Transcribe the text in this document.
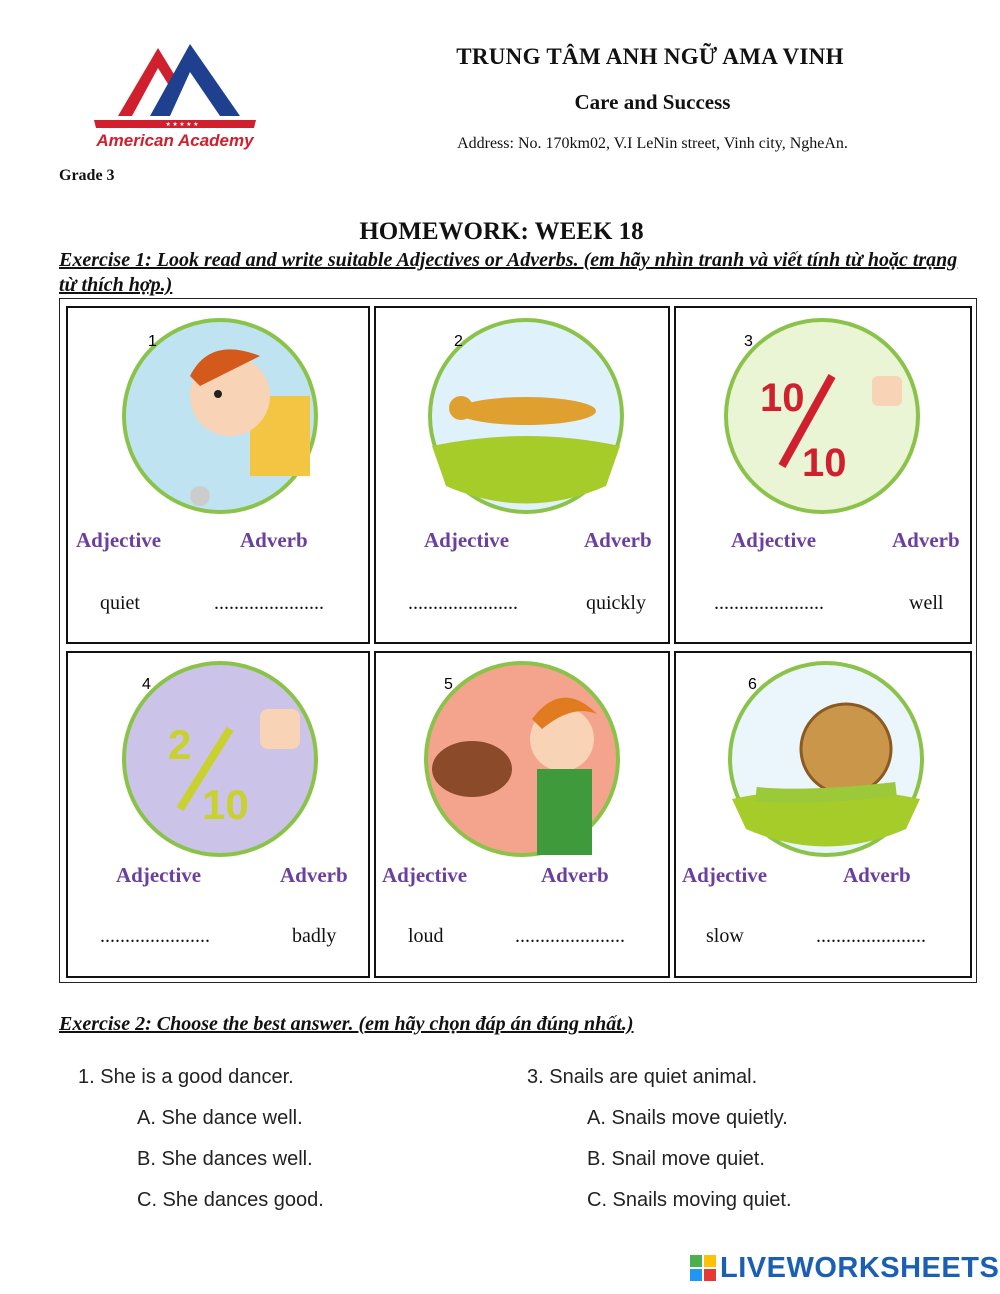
★ ★ ★ ★ ★
American Academy
TRUNG TÂM ANH NGỮ AMA VINH
Care and Success
Address: No. 170km02, V.I LeNin street, Vinh city, NgheAn.
Grade 3
HOMEWORK: WEEK 18
Exercise 1: Look read and write suitable Adjectives or Adverbs. (em hãy nhìn tranh và viết tính từ hoặc trạng từ thích hợp.)
1
Adjective	Adverb
quiet	......................
2
Adjective	Adverb
......................	quickly
10
10
3
Adjective	Adverb
......................	well
2
10
4
Adjective	Adverb
......................	badly
5
Adjective	Adverb
loud	......................
6
Adjective	Adverb
slow	......................
Exercise 2: Choose the best answer. (em hãy chọn đáp án đúng nhất.)
1. She is a good dancer.
A. She dance well.
B. She dances well.
C. She dances good.
3. Snails are quiet animal.
A. Snails move quietly.
B. Snail move quiet.
C. Snails moving quiet.
LIVEWORKSHEETS
